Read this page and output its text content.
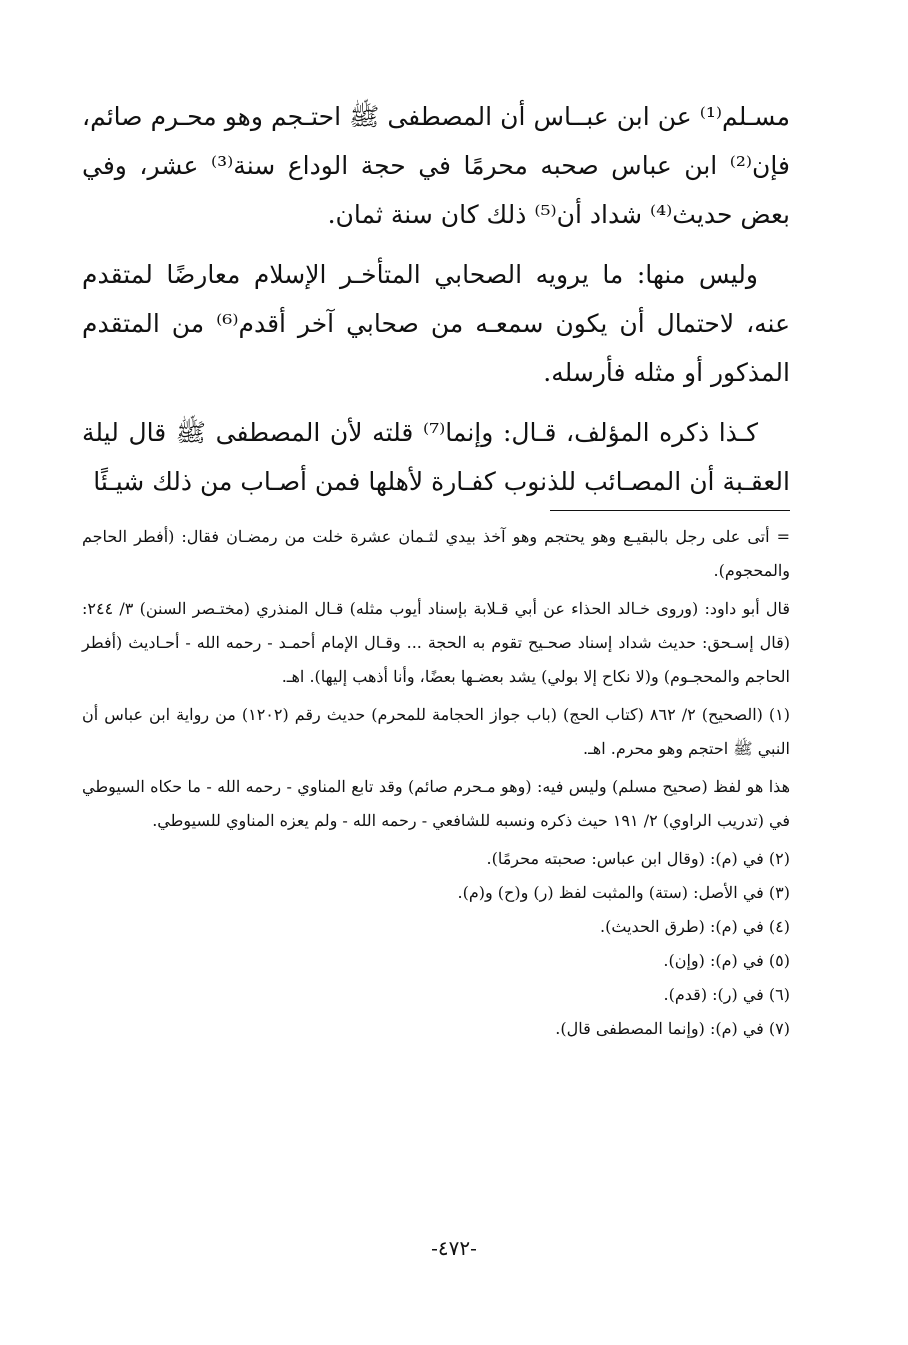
مسـلم⁽¹⁾ عن ابن عبــاس أن المصطفى ﷺ احتـجم وهو محـرم صائم، فإن⁽²⁾ ابن عباس صحبه محرمًا في حجة الوداع سنة⁽³⁾ عشر، وفي بعض حديث⁽⁴⁾ شداد أن⁽⁵⁾ ذلك كان سنة ثمان.

وليس منها: ما يرويه الصحابي المتأخـر الإسلام معارضًا لمتقدم عنه، لاحتمال أن يكون سمعـه من صحابي آخر أقدم⁽⁶⁾ من المتقدم المذكور أو مثله فأرسله.

كـذا ذكره المؤلف، قـال: وإنما⁽⁷⁾ قلته لأن المصطفى ﷺ قال ليلة العقـبة أن المصـائب للذنوب كفـارة لأهلها فمن أصـاب من ذلك شيـئًا

= أتى على رجل بالبقيـع وهو يحتجم وهو آخذ بيدي لثـمان عشرة خلت من رمضـان فقال: (أفطر الحاجم والمحجوم).

قال أبو داود: (وروى خـالد الحذاء عن أبي قـلابة بإسناد أيوب مثله) قـال المنذري (مختـصر السنن) ٣/ ٢٤٤: (قال إسـحق: حديث شداد إسناد صحـيح تقوم به الحجة ... وقـال الإمام أحمـد - رحمه الله - أحـاديث (أفطر الحاجم والمحجـوم) و(لا نكاح إلا بولي) يشد بعضـها بعضًا، وأنا أذهب إليها). اهـ.

(١) (الصحيح) ٢/ ٨٦٢ (كتاب الحج) (باب جواز الحجامة للمحرم) حديث رقم (١٢٠٢) من رواية ابن عباس أن النبي ﷺ احتجم وهو محرم. اهـ.

هذا هو لفظ (صحيح مسلم) وليس فيه: (وهو مـحرم صائم) وقد تابع المناوي - رحمه الله - ما حكاه السيوطي في (تدريب الراوي) ٢/ ١٩١ حيث ذكره ونسبه للشافعي - رحمه الله - ولم يعزه المناوي للسيوطي.

(٢) في (م): (وقال ابن عباس: صحبته محرمًا).

(٣) في الأصل: (ستة) والمثبت لفظ (ر) و(ح) و(م).

(٤) في (م): (طرق الحديث).

(٥) في (م): (وإن).

(٦) في (ر): (قدم).

(٧) في (م): (وإنما المصطفى قال).

-٤٧٢-
